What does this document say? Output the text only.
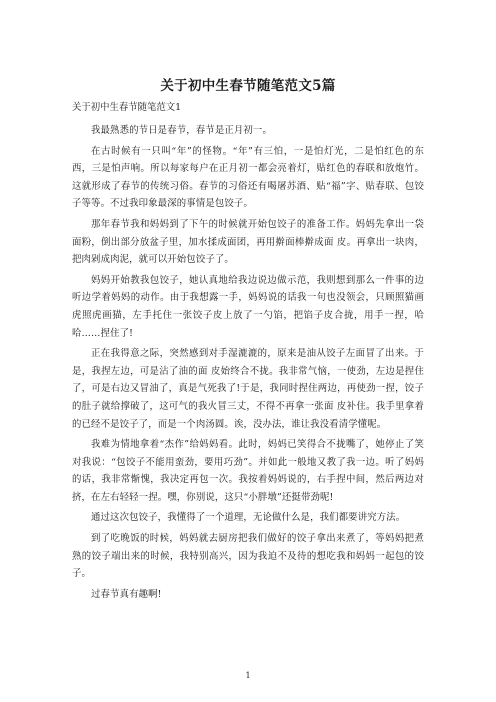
关于初中生春节随笔范文5篇
关于初中生春节随笔范文1

我最熟悉的节日是春节，春节是正月初一。

在古时候有一只叫“年”的怪物。“年”有三怕，一是怕灯光，二是怕红色的东西，三是怕声响。所以每家每户在正月初一都会亮着灯，贴红色的春联和放炮竹。这就形成了春节的传统习俗。春节的习俗还有喝屠苏酒、贴“福”字、贴春联、包饺子等等。不过我印象最深的事情是包饺子。

那年春节我和妈妈到了下午的时候就开始包饺子的准备工作。妈妈先拿出一袋面粉，倒出部分放盆子里，加水揉成面团，再用擀面棒擀成面 皮。再拿出一块肉，把肉剁成肉泥，就可以开始包饺子了。

妈妈开始教我包饺子，她认真地给我边说边做示范，我则想到那么一件事的边听边学着妈妈的动作。由于我想露一手，妈妈说的话我一句也没领会，只顾照猫画虎照虎画猫，左手托住一张饺子皮上放了一勺馅，把馅子皮合拢，用手一捏，哈哈……捏住了!

正在我得意之际，突然感到对手湿漉漉的，原来是油从饺子左面冒了出来。于是，我捏左边，可是沾了油的面 皮始终合不拢。我非常气恼，一使劲，左边是捏住了，可是右边又冒油了，真是气死我了!于是，我同时捏住两边，再使劲一捏，饺子的肚子就给撑破了，这可气的我火冒三丈，不得不再拿一张面 皮补住。我手里拿着的已经不是饺子了，而是一个肉汤圆。诶，没办法，谁让我没看清学懂呢。

我难为情地拿着“杰作”给妈妈看。此时，妈妈已笑得合不拢嘴了，她停止了笑对我说：“包饺子不能用蛮劲，要用巧劲”。并如此一般地又教了我一边。听了妈妈的话，我非常惭愧，我决定再包一次。我按着妈妈说的，右手捏中间，然后两边对挤，在左右轻轻一捏。嘿，你别说，这只“小胖墩”还挺带劲呢!

通过这次包饺子，我懂得了一个道理，无论做什么是，我们都要讲究方法。

到了吃晚饭的时候，妈妈就去厨房把我们做好的饺子拿出来煮了，等妈妈把煮熟的饺子端出来的时候，我特别高兴，因为我迫不及待的想吃我和妈妈一起包的饺子。

过春节真有趣啊!

1
